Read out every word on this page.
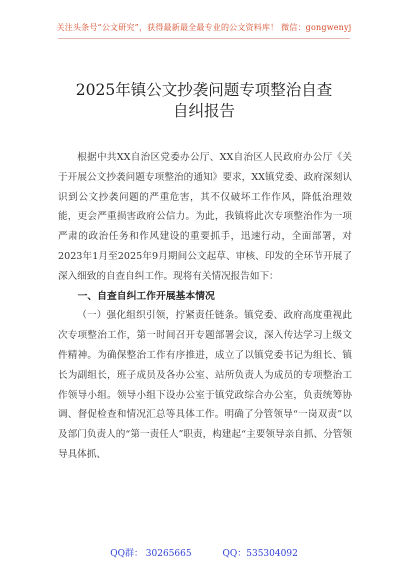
关注头条号“公文研究”，获得最新最全最专业的公文资料库！ 微信：gongwenyj
2025年镇公文抄袭问题专项整治自查
自纠报告

根据中共XX自治区党委办公厅、XX自治区人民政府办公厅《关于开展公文抄袭问题专项整治的通知》要求，XX镇党委、政府深刻认识到公文抄袭问题的严重危害，其不仅破坏工作作风，降低治理效能，更会严重损害政府公信力。为此，我镇将此次专项整治作为一项严肃的政治任务和作风建设的重要抓手，迅速行动，全面部署，对2023年1月至2025年9月期间公文起草、审核、印发的全环节开展了深入细致的自查自纠工作。现将有关情况报告如下：

一、自查自纠工作开展基本情况

（一）强化组织引领，拧紧责任链条。镇党委、政府高度重视此次专项整治工作，第一时间召开专题部署会议，深入传达学习上级文件精神。为确保整治工作有序推进，成立了以镇党委书记为组长、镇长为副组长，班子成员及各办公室、站所负责人为成员的专项整治工作领导小组。领导小组下设办公室于镇党政综合办公室，负责统筹协调、督促检查和情况汇总等具体工作。明确了分管领导“一岗双责”以及部门负责人的“第一责任人”职责，构建起“主要领导亲自抓、分管领导具体抓、

QQ群： 30265665	QQ：535304092
